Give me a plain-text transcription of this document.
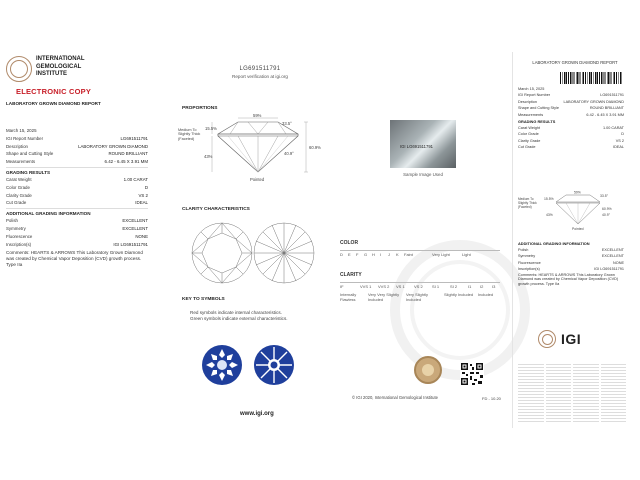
INTERNATIONAL
GEMOLOGICAL
INSTITUTE
ELECTRONIC COPY
LABORATORY GROWN DIAMOND REPORT
March 15, 2025
IGI Report Number	LG691511791
Description	LABORATORY GROWN DIAMOND
Shape and Cutting Style	ROUND BRILLIANT
Measurements	6.42 - 6.45 X 3.91 MM
GRADING RESULTS
Carat Weight	1.00 CARAT
Color Grade	D
Clarity Grade	VS 2
Cut Grade	IDEAL
ADDITIONAL GRADING INFORMATION
Polish	EXCELLENT
Symmetry	EXCELLENT
Fluorescence	NONE
Inscription(s)	IGI LG691511791
Comments: HEARTS & ARROWS This Laboratory Grown Diamond was created by Chemical Vapor Deposition (CVD) growth process. Type IIa
LG691511791
Report verification at igi.org
PROPORTIONS
59%
33.5°
15.5%
43%
40.9°
60.9%
Pointed
Medium To Slightly Thick (Faceted)
IGI LG691511791
Sample Image Used
CLARITY CHARACTERISTICS
KEY TO SYMBOLS
Red symbols indicate internal characteristics.
Green symbols indicate external characteristics.
www.igi.org
COLOR
D	E	F	G	H	I	J	K	Faint	Very Light	Light
CLARITY
IF	VVS 1	VVS 2	VS 1	VS 2	SI 1	SI 2	I1	I2	I3
Internally Flawless
Very Very Slightly Included
Very Slightly Included
Slightly Included	Included
© IGI 2020, International Gemological Institute	FD - 10.20
LABORATORY GROWN DIAMOND REPORT
March 15, 2025
IGI Report Number	LG691511791
Description	LABORATORY GROWN DIAMOND
Shape and Cutting Style	ROUND BRILLIANT
Measurements	6.42 - 6.45 X 3.91 MM
GRADING RESULTS
Carat Weight	1.00 CARAT
Color Grade	D
Clarity Grade	VS 2
Cut Grade	IDEAL
59%
33.5°
15.5%
43%
60.9%
40.9°
Pointed
Medium To Slightly Thick (Faceted)
ADDITIONAL GRADING INFORMATION
Polish	EXCELLENT
Symmetry	EXCELLENT
Fluorescence	NONE
Inscription(s)	IGI LG691511791
Comments: HEARTS & ARROWS This Laboratory Grown Diamond was created by Chemical Vapor Deposition (CVD) growth process. Type IIa
IGI
